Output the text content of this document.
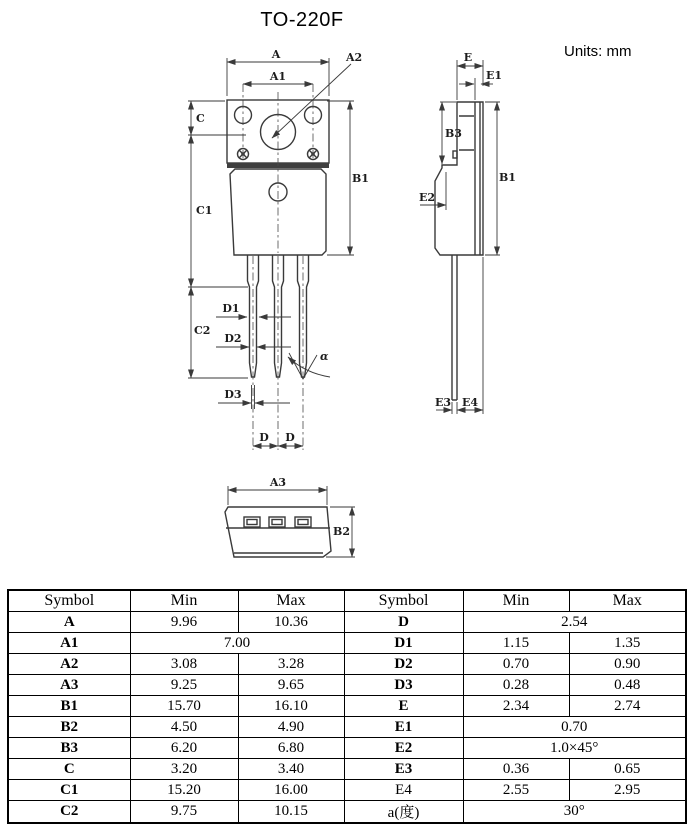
TO-220F
Units: mm
A
A1
A2
C
C1
C2
B1
D1
D2
D3
D D
α
E
E1
B3
E2
B1
E3 E4
A3
B2
Symbol	Min	Max	Symbol	Min	Max
A	9.96	10.36	D	2.54	
A1	7.00		D1	1.15	1.35
A2	3.08	3.28	D2	0.70	0.90
A3	9.25	9.65	D3	0.28	0.48
B1	15.70	16.10	E	2.34	2.74
B2	4.50	4.90	E1	0.70	
B3	6.20	6.80	E2	1.0×45°	
C	3.20	3.40	E3	0.36	0.65
C1	15.20	16.00	E4	2.55	2.95
C2	9.75	10.15	a(度)	30°	
